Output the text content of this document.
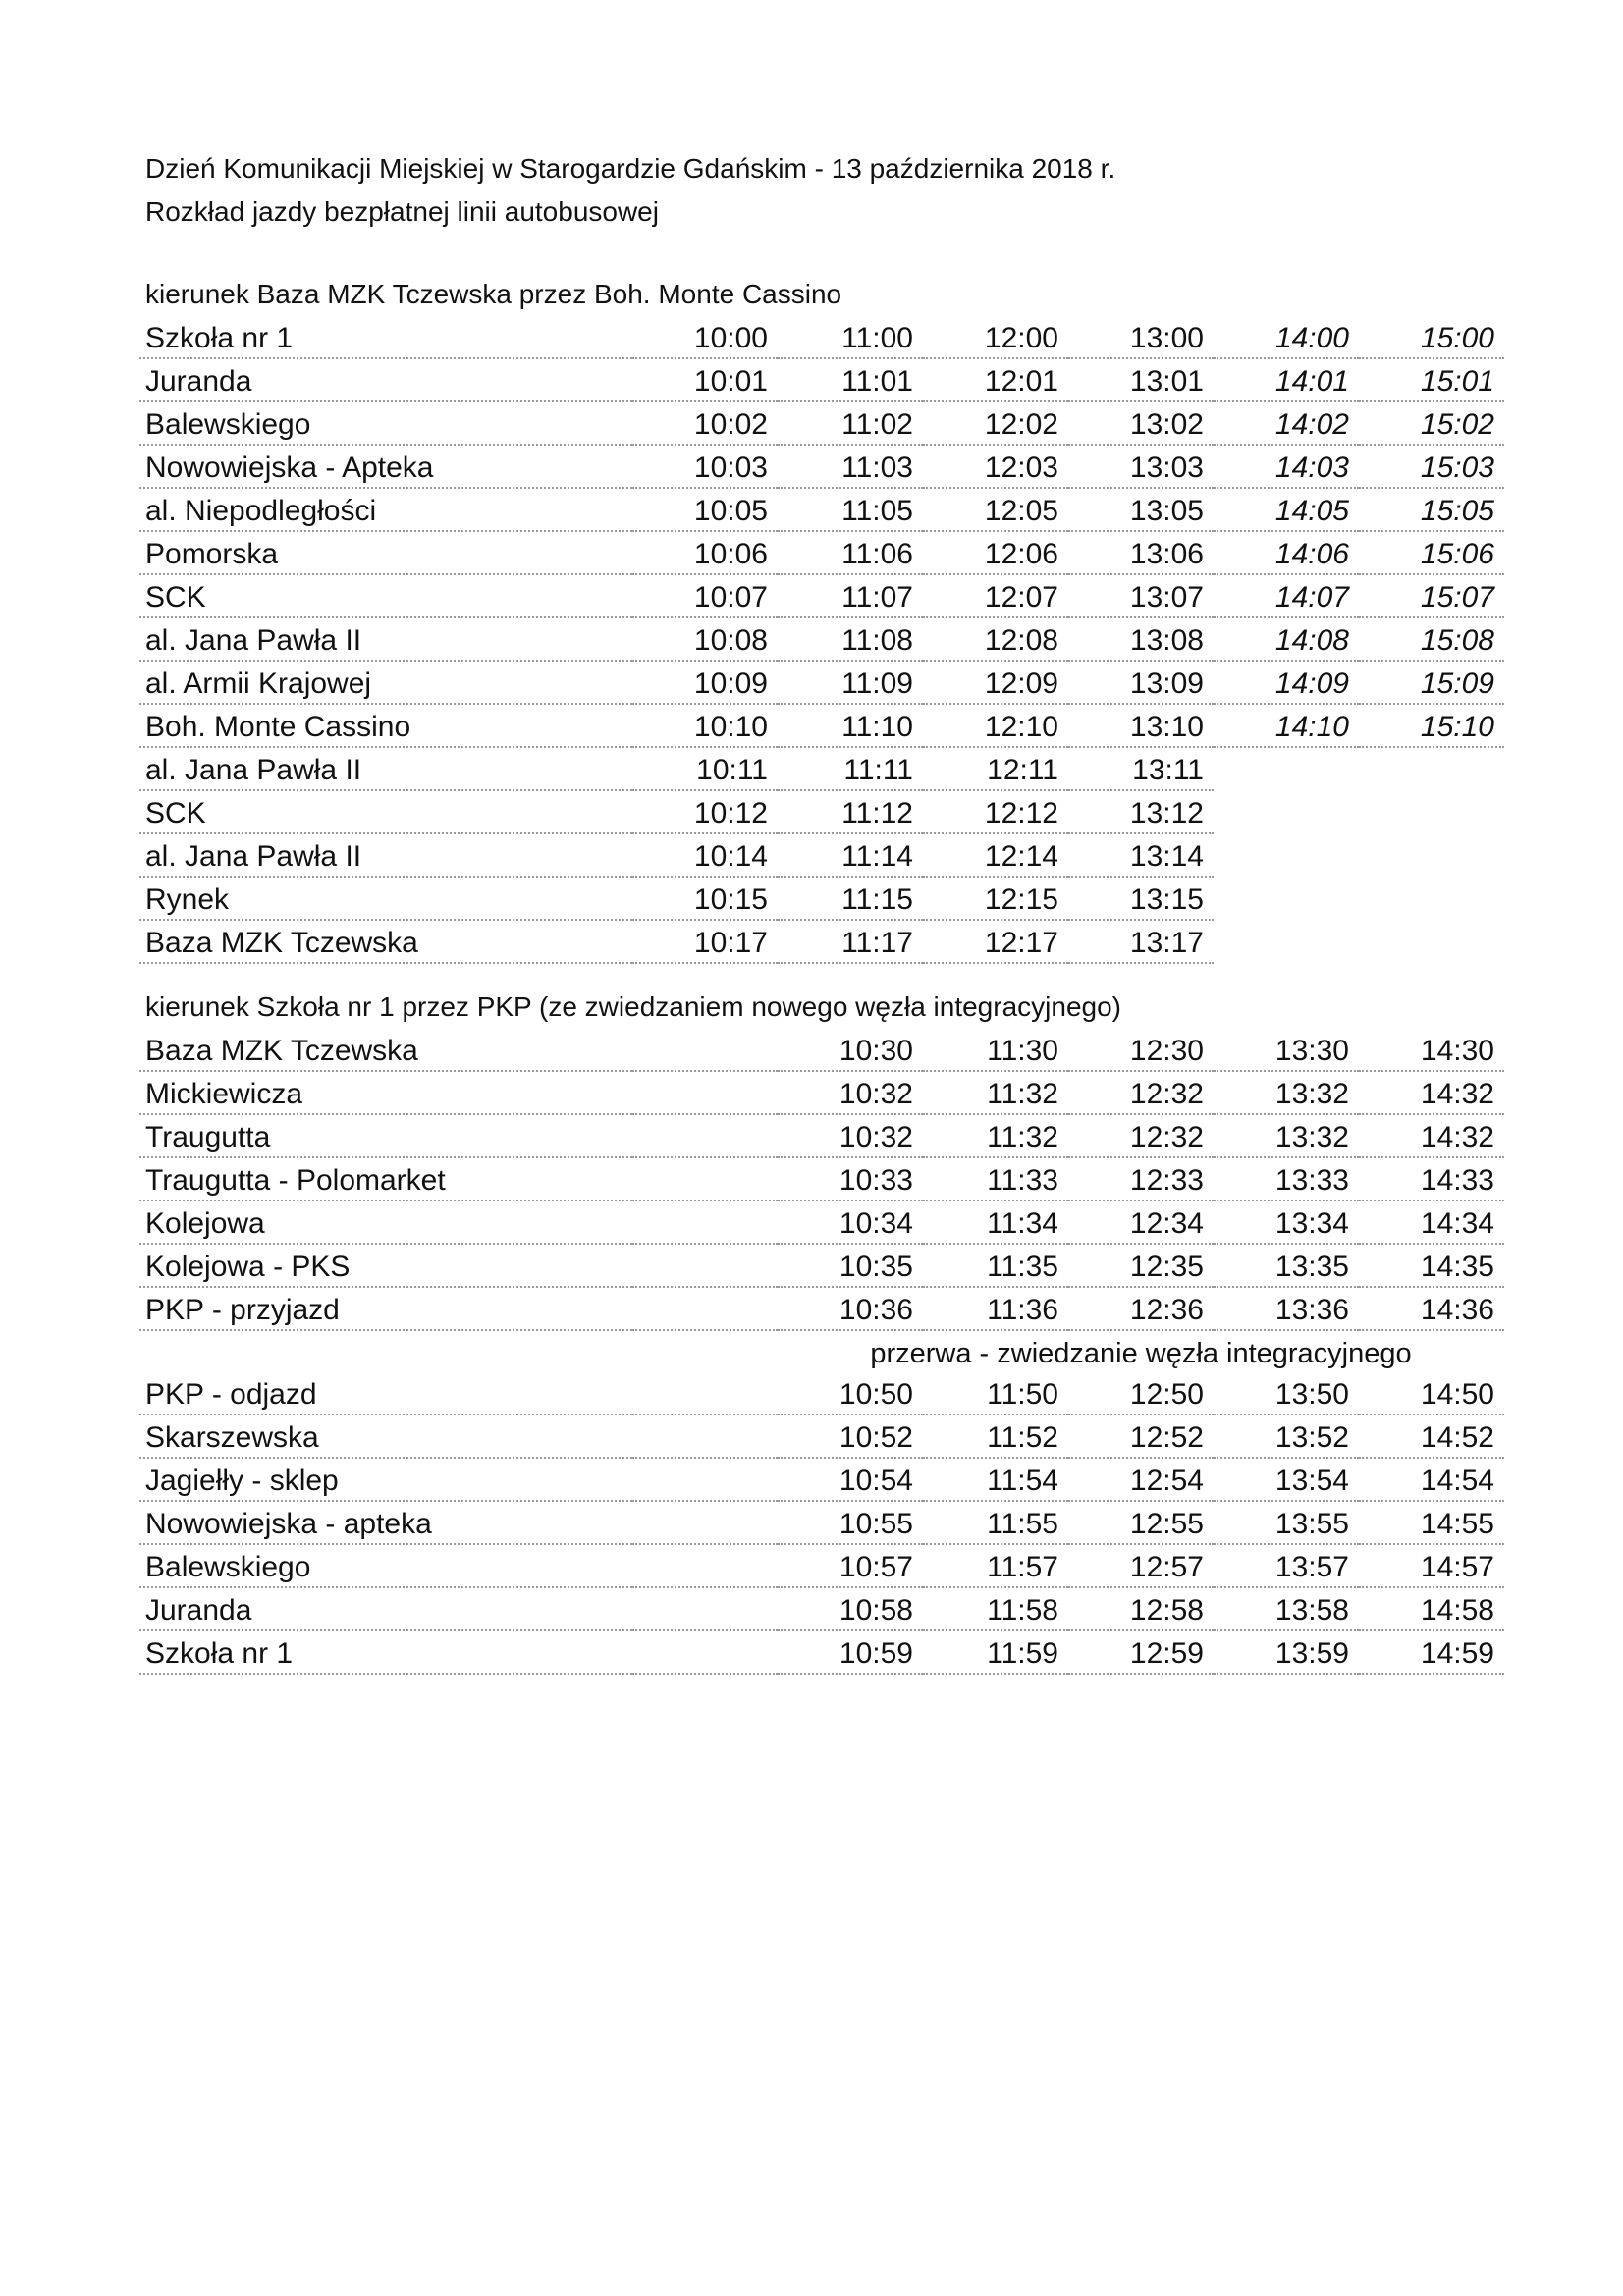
Dzień Komunikacji Miejskiej w Starogardzie Gdańskim - 13 października 2018 r.
Rozkład jazdy bezpłatnej linii autobusowej
kierunek Baza MZK Tczewska przez Boh. Monte Cassino
Szkoła nr 1	10:00	11:00	12:00	13:00	14:00	15:00
Juranda	10:01	11:01	12:01	13:01	14:01	15:01
Balewskiego	10:02	11:02	12:02	13:02	14:02	15:02
Nowowiejska - Apteka	10:03	11:03	12:03	13:03	14:03	15:03
al. Niepodległości	10:05	11:05	12:05	13:05	14:05	15:05
Pomorska	10:06	11:06	12:06	13:06	14:06	15:06
SCK	10:07	11:07	12:07	13:07	14:07	15:07
al. Jana Pawła II	10:08	11:08	12:08	13:08	14:08	15:08
al. Armii Krajowej	10:09	11:09	12:09	13:09	14:09	15:09
Boh. Monte Cassino	10:10	11:10	12:10	13:10	14:10	15:10
al. Jana Pawła II	10:11	11:11	12:11	13:11		
SCK	10:12	11:12	12:12	13:12		
al. Jana Pawła II	10:14	11:14	12:14	13:14		
Rynek	10:15	11:15	12:15	13:15		
Baza MZK Tczewska	10:17	11:17	12:17	13:17		
kierunek Szkoła nr 1 przez PKP (ze zwiedzaniem nowego węzła integracyjnego)
Baza MZK Tczewska		10:30	11:30	12:30	13:30	14:30
Mickiewicza		10:32	11:32	12:32	13:32	14:32
Traugutta		10:32	11:32	12:32	13:32	14:32
Traugutta - Polomarket		10:33	11:33	12:33	13:33	14:33
Kolejowa		10:34	11:34	12:34	13:34	14:34
Kolejowa - PKS		10:35	11:35	12:35	13:35	14:35
PKP - przyjazd		10:36	11:36	12:36	13:36	14:36
		przerwa - zwiedzanie węzła integracyjnego				
PKP - odjazd		10:50	11:50	12:50	13:50	14:50
Skarszewska		10:52	11:52	12:52	13:52	14:52
Jagiełły - sklep		10:54	11:54	12:54	13:54	14:54
Nowowiejska - apteka		10:55	11:55	12:55	13:55	14:55
Balewskiego		10:57	11:57	12:57	13:57	14:57
Juranda		10:58	11:58	12:58	13:58	14:58
Szkoła nr 1		10:59	11:59	12:59	13:59	14:59
